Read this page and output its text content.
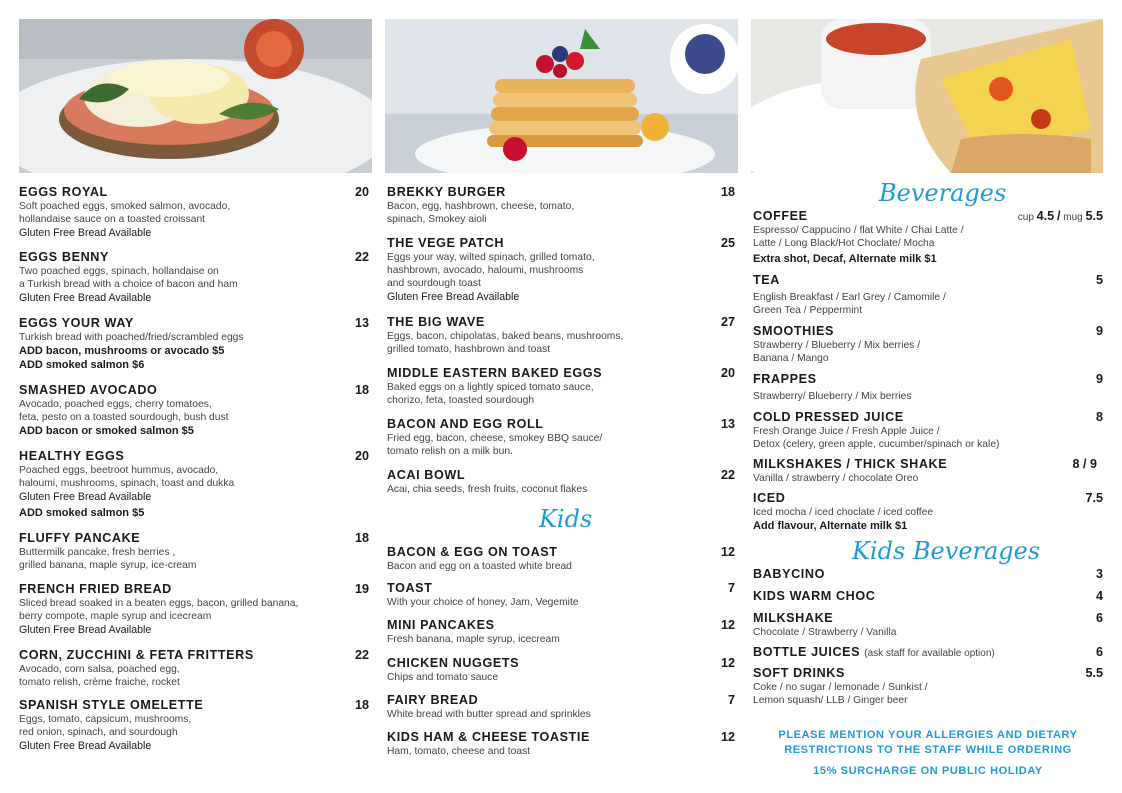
EGGS ROYAL	20
Soft poached eggs, smoked salmon, avocado,
hollandaise sauce on a toasted croissant
Gluten Free Bread Available
EGGS BENNY	22
Two poached eggs, spinach, hollandaise on
a Turkish bread with a choice of bacon and ham
Gluten Free Bread Available
EGGS YOUR WAY	13
Turkish bread with poached/fried/scrambled eggs
ADD bacon, mushrooms or avocado $5
ADD smoked salmon $6
SMASHED AVOCADO	18
Avocado, poached eggs, cherry tomatoes,
feta, pesto on a toasted sourdough, bush dust
ADD bacon or smoked salmon $5
HEALTHY EGGS	20
Poached eggs, beetroot hummus, avocado,
haloumi, mushrooms, spinach, toast and dukka
Gluten Free Bread Available
ADD smoked salmon $5
FLUFFY PANCAKE	18
Buttermilk pancake, fresh berries ,
grilled banana, maple syrup, ice-cream
FRENCH FRIED BREAD	19
Sliced bread soaked in a beaten eggs, bacon, grilled banana,
berry compote, maple syrup and icecream
Gluten Free Bread Available
CORN, ZUCCHINI & FETA FRITTERS	22
Avocado, corn salsa, poached egg,
tomato relish, crème fraiche, rocket
SPANISH STYLE OMELETTE	18
Eggs, tomato, capsicum, mushrooms,
red onion, spinach, and sourdough
Gluten Free Bread Available
BREKKY BURGER	18
Bacon, egg, hashbrown, cheese, tomato,
spinach, Smokey aioli
THE VEGE PATCH	25
Eggs your way, wilted spinach, grilled tomato,
hashbrown, avocado, haloumi, mushrooms
and sourdough toast
Gluten Free Bread Available
THE BIG WAVE	27
Eggs, bacon, chipolatas, baked beans, mushrooms,
grilled tomato, hashbrown and toast
MIDDLE EASTERN BAKED EGGS	20
Baked eggs on a lightly spiced tomato sauce,
chorizo, feta, toasted sourdough
BACON AND EGG ROLL	13
Fried egg, bacon, cheese, smokey BBQ sauce/
tomato relish on a milk bun.
ACAI BOWL	22
Acai, chia seeds, fresh fruits, coconut flakes
Kids
BACON & EGG ON TOAST	12
Bacon and egg on a toasted white bread
TOAST	7
With your choice of honey, Jam, Vegemite
MINI PANCAKES	12
Fresh banana, maple syrup, icecream
CHICKEN NUGGETS	12
Chips and tomato sauce
FAIRY BREAD	7
White bread with butter spread and sprinkles
KIDS HAM & CHEESE TOASTIE	12
Ham, tomato, cheese and toast
Beverages
COFFEE	cup 4.5 / mug 5.5
Espresso/ Cappucino / flat White / Chai Latte /
Latte / Long Black/Hot Choclate/ Mocha
Extra shot, Decaf, Alternate milk $1
TEA	5
English Breakfast / Earl Grey / Camomile /
Green Tea / Peppermint
SMOOTHIES	9
Strawberry / Blueberry / Mix berries /
Banana / Mango
FRAPPES	9
Strawberry/ Blueberry / Mix berries
COLD PRESSED JUICE	8
Fresh Orange Juice / Fresh Apple Juice /
Detox (celery, green apple, cucumber/spinach or kale)
MILKSHAKES / THICK SHAKE	8 / 9
Vanilla / strawberry / chocolate Oreo
ICED	7.5
Iced mocha / iced choclate / iced coffee
Add flavour, Alternate milk $1
Kids Beverages
BABYCINO	3
KIDS WARM CHOC	4
MILKSHAKE	6
Chocolate / Strawberry / Vanilla
BOTTLE JUICES (ask staff for available option)	6
SOFT DRINKS	5.5
Coke / no sugar / lemonade / Sunkist /
Lemon squash/ LLB / Ginger beer
PLEASE MENTION YOUR ALLERGIES AND DIETARY
RESTRICTIONS TO THE STAFF WHILE ORDERING
15% SURCHARGE ON PUBLIC HOLIDAY
